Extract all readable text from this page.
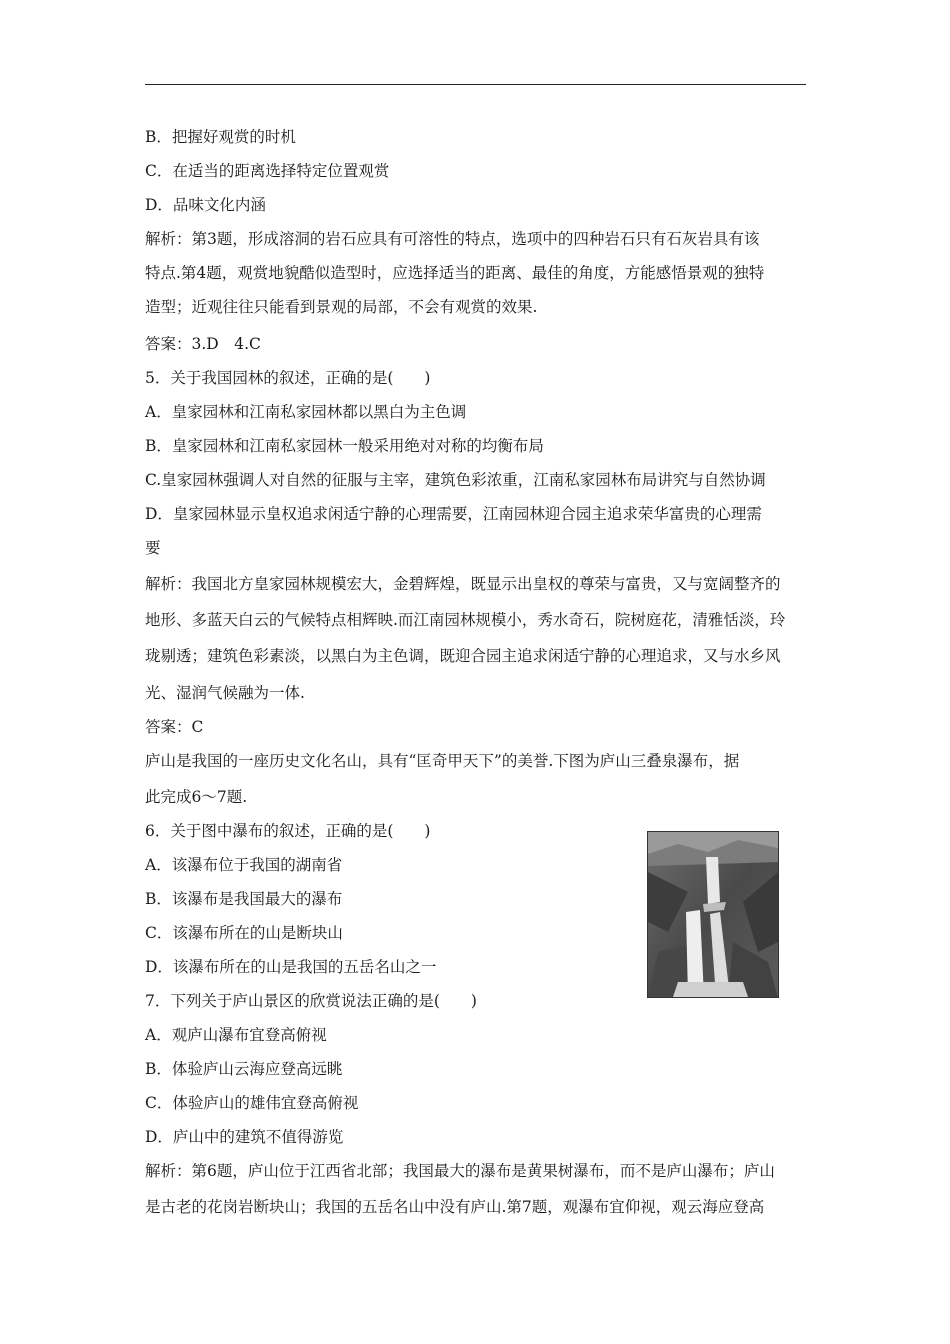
B．把握好观赏的时机
C．在适当的距离选择特定位置观赏
D．品味文化内涵
解析：第3题，形成溶洞的岩石应具有可溶性的特点，选项中的四种岩石只有石灰岩具有该
特点.第4题，观赏地貌酷似造型时，应选择适当的距离、最佳的角度，方能感悟景观的独特
造型；近观往往只能看到景观的局部，不会有观赏的效果.
答案：3.D　4.C
5．关于我国园林的叙述，正确的是(　　)
A．皇家园林和江南私家园林都以黑白为主色调
B．皇家园林和江南私家园林一般采用绝对对称的均衡布局
C.皇家园林强调人对自然的征服与主宰，建筑色彩浓重，江南私家园林布局讲究与自然协调
D．皇家园林显示皇权追求闲适宁静的心理需要，江南园林迎合园主追求荣华富贵的心理需
要
解析：我国北方皇家园林规模宏大，金碧辉煌，既显示出皇权的尊荣与富贵，又与宽阔整齐的
地形、多蓝天白云的气候特点相辉映.而江南园林规模小，秀水奇石，院树庭花，清雅恬淡，玲
珑剔透；建筑色彩素淡，以黑白为主色调，既迎合园主追求闲适宁静的心理追求，又与水乡风
光、湿润气候融为一体.
答案：C
庐山是我国的一座历史文化名山，具有“匡奇甲天下”的美誉.下图为庐山三叠泉瀑布，据
此完成6～7题.
6．关于图中瀑布的叙述，正确的是(　　)
A．该瀑布位于我国的湖南省
B．该瀑布是我国最大的瀑布
C．该瀑布所在的山是断块山
D．该瀑布所在的山是我国的五岳名山之一
7．下列关于庐山景区的欣赏说法正确的是(　　)
A．观庐山瀑布宜登高俯视
B．体验庐山云海应登高远眺
C．体验庐山的雄伟宜登高俯视
D．庐山中的建筑不值得游览
解析：第6题，庐山位于江西省北部；我国最大的瀑布是黄果树瀑布，而不是庐山瀑布；庐山
是古老的花岗岩断块山；我国的五岳名山中没有庐山.第7题，观瀑布宜仰视，观云海应登高
